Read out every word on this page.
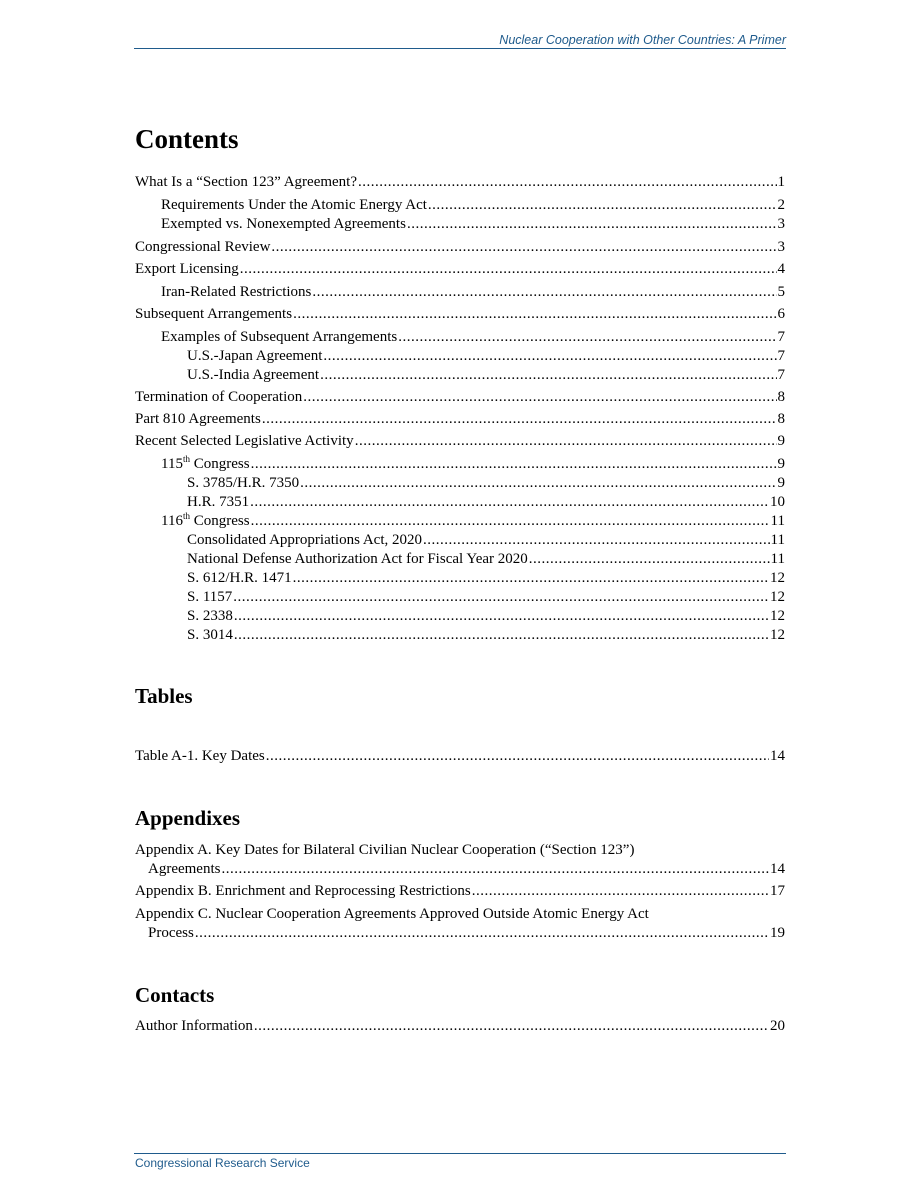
Nuclear Cooperation with Other Countries: A Primer
Contents
What Is a “Section 123” Agreement? .....	1
Requirements Under the Atomic Energy Act .....	2
Exempted vs. Nonexempted Agreements .....	3
Congressional Review .....	3
Export Licensing .....	4
Iran-Related Restrictions .....	5
Subsequent Arrangements .....	6
Examples of Subsequent Arrangements .....	7
U.S.-Japan Agreement .....	7
U.S.-India Agreement .....	7
Termination of Cooperation .....	8
Part 810 Agreements .....	8
Recent Selected Legislative Activity .....	9
115th Congress .....	9
S. 3785/H.R. 7350 .....	9
H.R. 7351 .....	10
116th Congress .....	11
Consolidated Appropriations Act, 2020 .....	11
National Defense Authorization Act for Fiscal Year 2020 .....	11
S. 612/H.R. 1471 .....	12
S. 1157 .....	12
S. 2338 .....	12
S. 3014 .....	12
Tables
Table A-1. Key Dates .....	14
Appendixes
Appendix A. Key Dates for Bilateral Civilian Nuclear Cooperation (“Section 123”)
Agreements .....	14
Appendix B. Enrichment and Reprocessing Restrictions .....	17
Appendix C. Nuclear Cooperation Agreements Approved Outside Atomic Energy Act
Process .....	19
Contacts
Author Information .....	20
Congressional Research Service
